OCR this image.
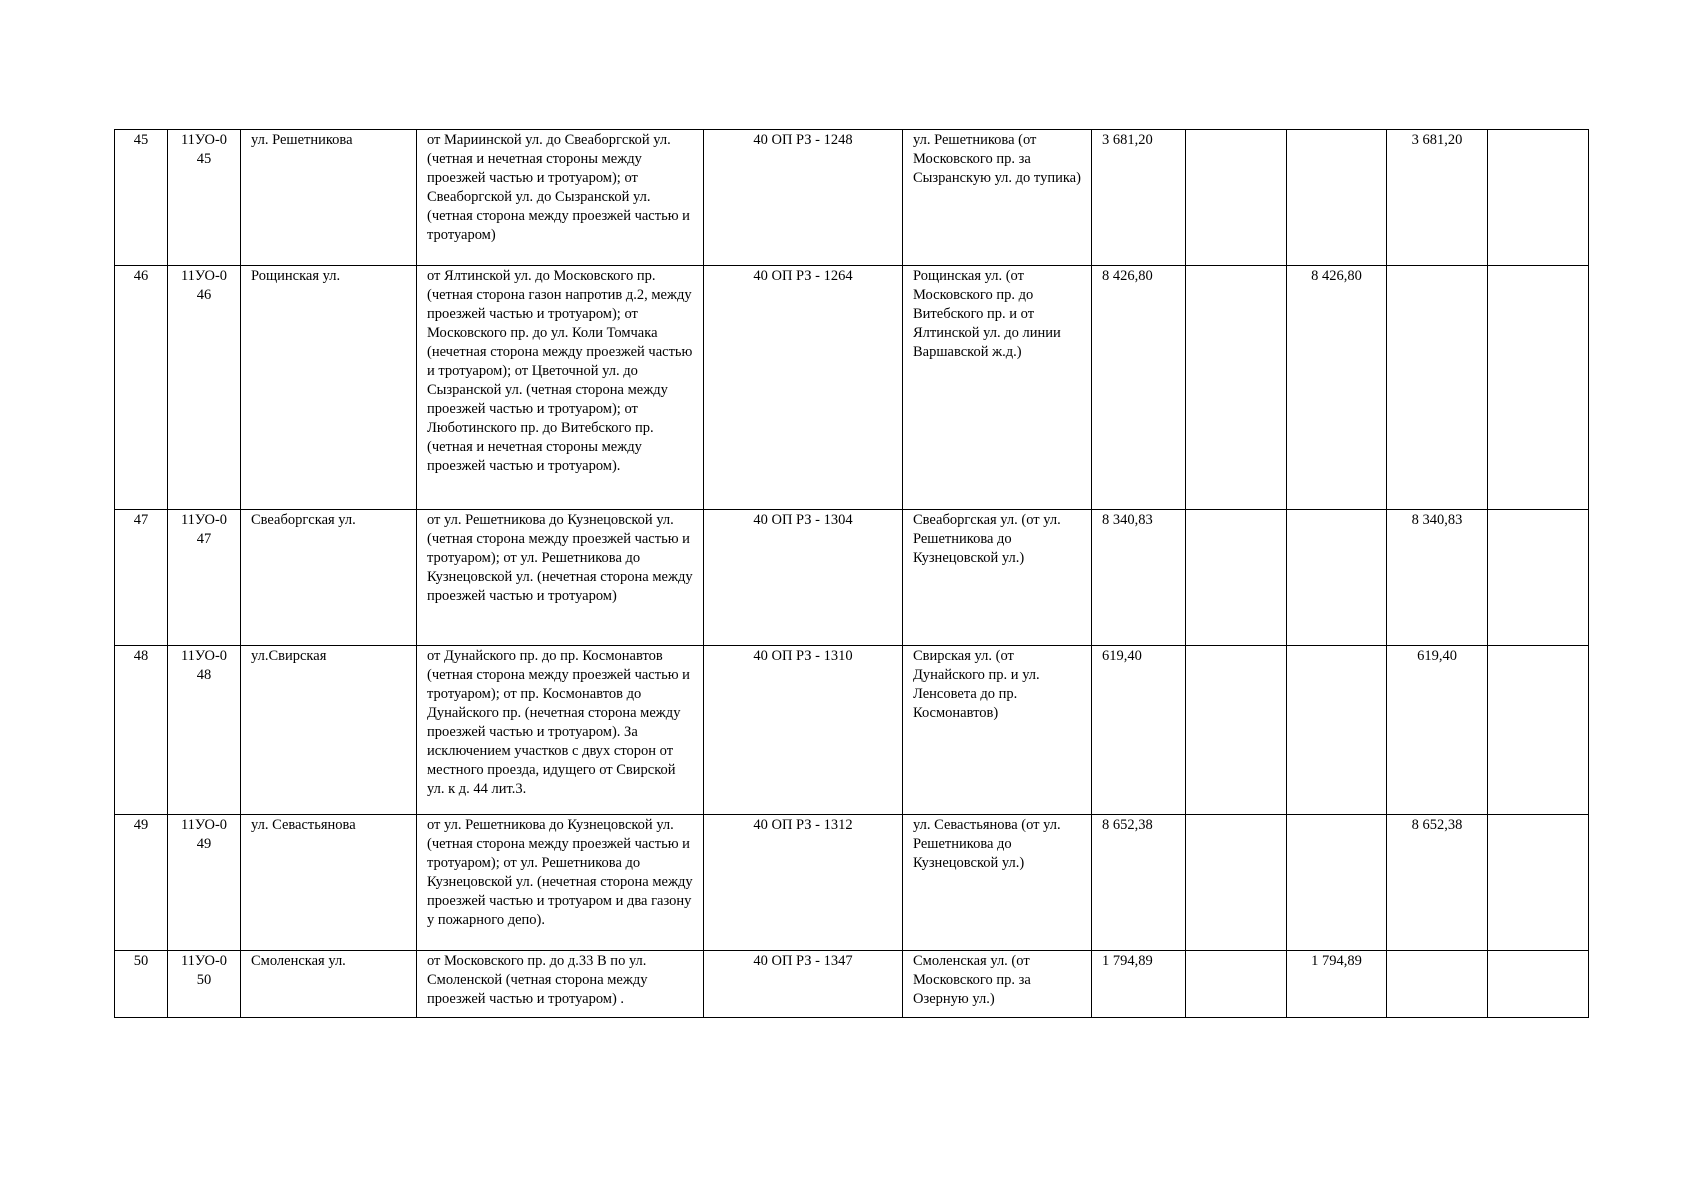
45	11УО-045	ул. Решетникова	от Мариинской ул. до Свеаборгской ул. (четная и нечетная стороны между проезжей частью и тротуаром); от Свеаборгской ул. до Сызранской ул. (четная сторона между проезжей частью и тротуаром)	40 ОП РЗ - 1248	ул. Решетникова (от Московского пр. за Сызранскую ул. до тупика)	3 681,20			3 681,20	
46	11УО-046	Рощинская ул.	от Ялтинской ул. до Московского пр. (четная сторона газон напротив д.2, между проезжей частью и тротуаром); от Московского пр. до ул. Коли Томчака (нечетная сторона между проезжей частью и тротуаром); от Цветочной ул. до Сызранской ул. (четная сторона между проезжей частью и тротуаром); от Люботинского пр. до Витебского пр. (четная и нечетная стороны между проезжей частью и тротуаром).	40 ОП РЗ - 1264	Рощинская ул. (от Московского пр. до Витебского пр. и от Ялтинской ул. до линии Варшавской ж.д.)	8 426,80		8 426,80		
47	11УО-047	Свеаборгская ул.	от ул. Решетникова до Кузнецовской ул. (четная сторона между проезжей частью и тротуаром); от ул. Решетникова до Кузнецовской ул. (нечетная сторона между проезжей частью и тротуаром)	40 ОП РЗ - 1304	Свеаборгская ул. (от ул. Решетникова до Кузнецовской ул.)	8 340,83			8 340,83	
48	11УО-048	ул.Свирская	от Дунайского пр. до пр. Космонавтов (четная сторона между проезжей частью и тротуаром); от пр. Космонавтов до Дунайского пр. (нечетная сторона между проезжей частью и тротуаром). За исключением участков с двух сторон от местного проезда, идущего от Свирской ул. к д. 44 лит.3.	40 ОП РЗ - 1310	Свирская ул. (от Дунайского пр. и ул. Ленсовета до пр. Космонавтов)	619,40			619,40	
49	11УО-049	ул. Севастьянова	от ул. Решетникова до Кузнецовской ул. (четная сторона между проезжей частью и тротуаром); от ул. Решетникова до Кузнецовской ул. (нечетная сторона между проезжей частью и тротуаром и два газону у пожарного депо).	40 ОП РЗ - 1312	ул. Севастьянова (от ул. Решетникова до Кузнецовской ул.)	8 652,38			8 652,38	
50	11УО-050	Смоленская ул.	от Московского пр. до д.33 В по ул. Смоленской (четная сторона между проезжей частью и тротуаром) .	40 ОП РЗ - 1347	Смоленская ул. (от Московского пр. за Озерную ул.)	1 794,89		1 794,89		
